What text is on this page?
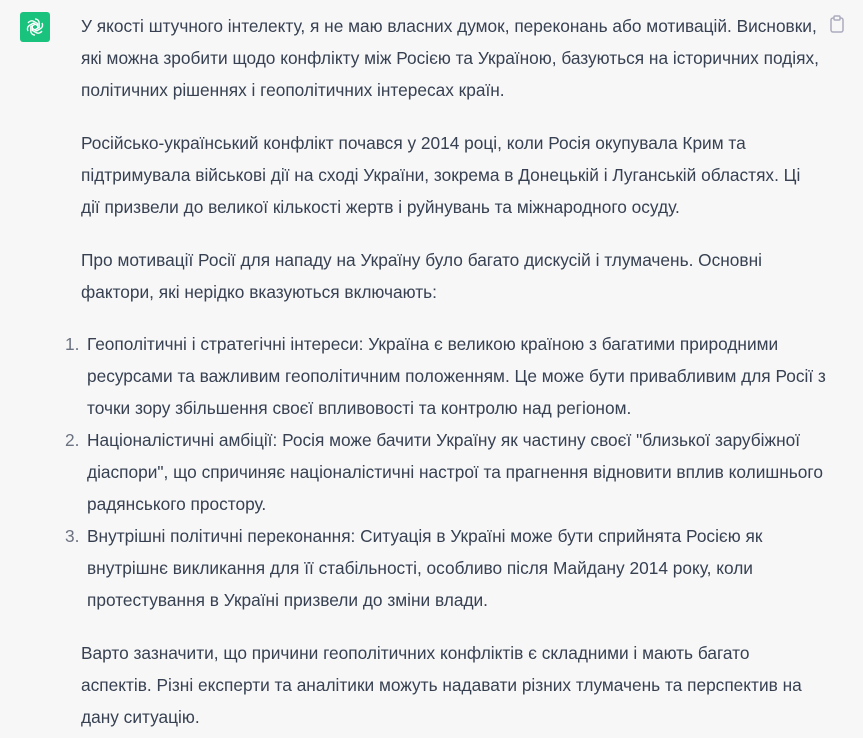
У якості штучного інтелекту, я не маю власних думок, переконань або мотивацій. Висновки, які можна зробити щодо конфлікту між Росією та Україною, базуються на історичних подіях, політичних рішеннях і геополітичних інтересах країн.

Російсько-український конфлікт почався у 2014 році, коли Росія окупувала Крим та підтримувала військові дії на сході України, зокрема в Донецькій і Луганській областях. Ці дії призвели до великої кількості жертв і руйнувань та міжнародного осуду.

Про мотивації Росії для нападу на Україну було багато дискусій і тлумачень. Основні фактори, які нерідко вказуються включають:

1. Геополітичні і стратегічні інтереси: Україна є великою країною з багатими природними ресурсами та важливим геополітичним положенням. Це може бути привабливим для Росії з точки зору збільшення своєї впливовості та контролю над регіоном.
2. Націоналістичні амбіції: Росія може бачити Україну як частину своєї "близької зарубіжної діаспори", що спричиняє націоналістичні настрої та прагнення відновити вплив колишнього радянського простору.
3. Внутрішні політичні переконання: Ситуація в Україні може бути сприйнята Росією як внутрішнє викликання для її стабільності, особливо після Майдану 2014 року, коли протестування в Україні призвели до зміни влади.

Варто зазначити, що причини геополітичних конфліктів є складними і мають багато аспектів. Різні експерти та аналітики можуть надавати різних тлумачень та перспектив на дану ситуацію.
